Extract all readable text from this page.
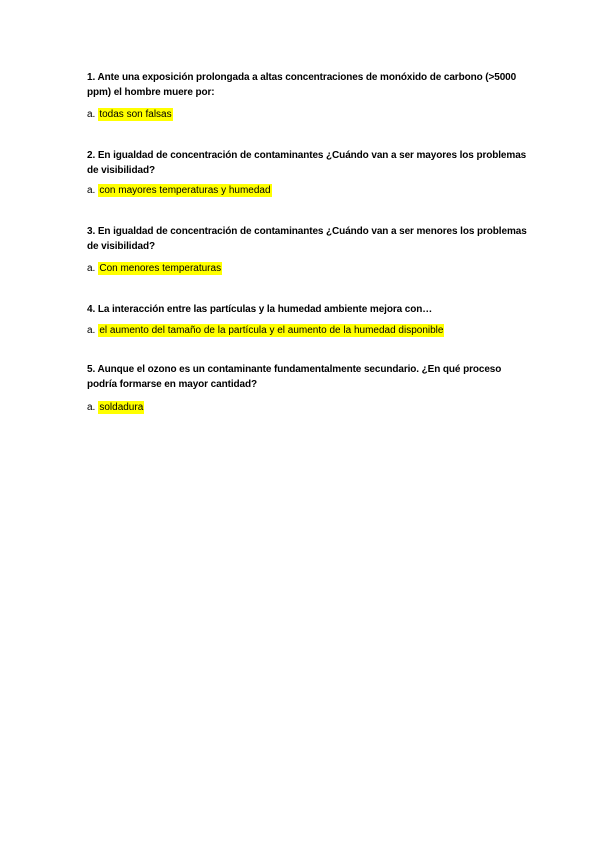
1. Ante una exposición prolongada a altas concentraciones de monóxido de carbono (>5000 ppm) el hombre muere por:

a. todas son falsas

2. En igualdad de concentración de contaminantes ¿Cuándo van a ser mayores los problemas de visibilidad?

a. con mayores temperaturas y humedad

3. En igualdad de concentración de contaminantes ¿Cuándo van a ser menores los problemas de visibilidad?

a. Con menores temperaturas

4. La interacción entre las partículas y la humedad ambiente mejora con…

a. el aumento del tamaño de la partícula y el aumento de la humedad disponible

5. Aunque el ozono es un contaminante fundamentalmente secundario. ¿En qué proceso podría formarse en mayor cantidad?

a. soldadura
